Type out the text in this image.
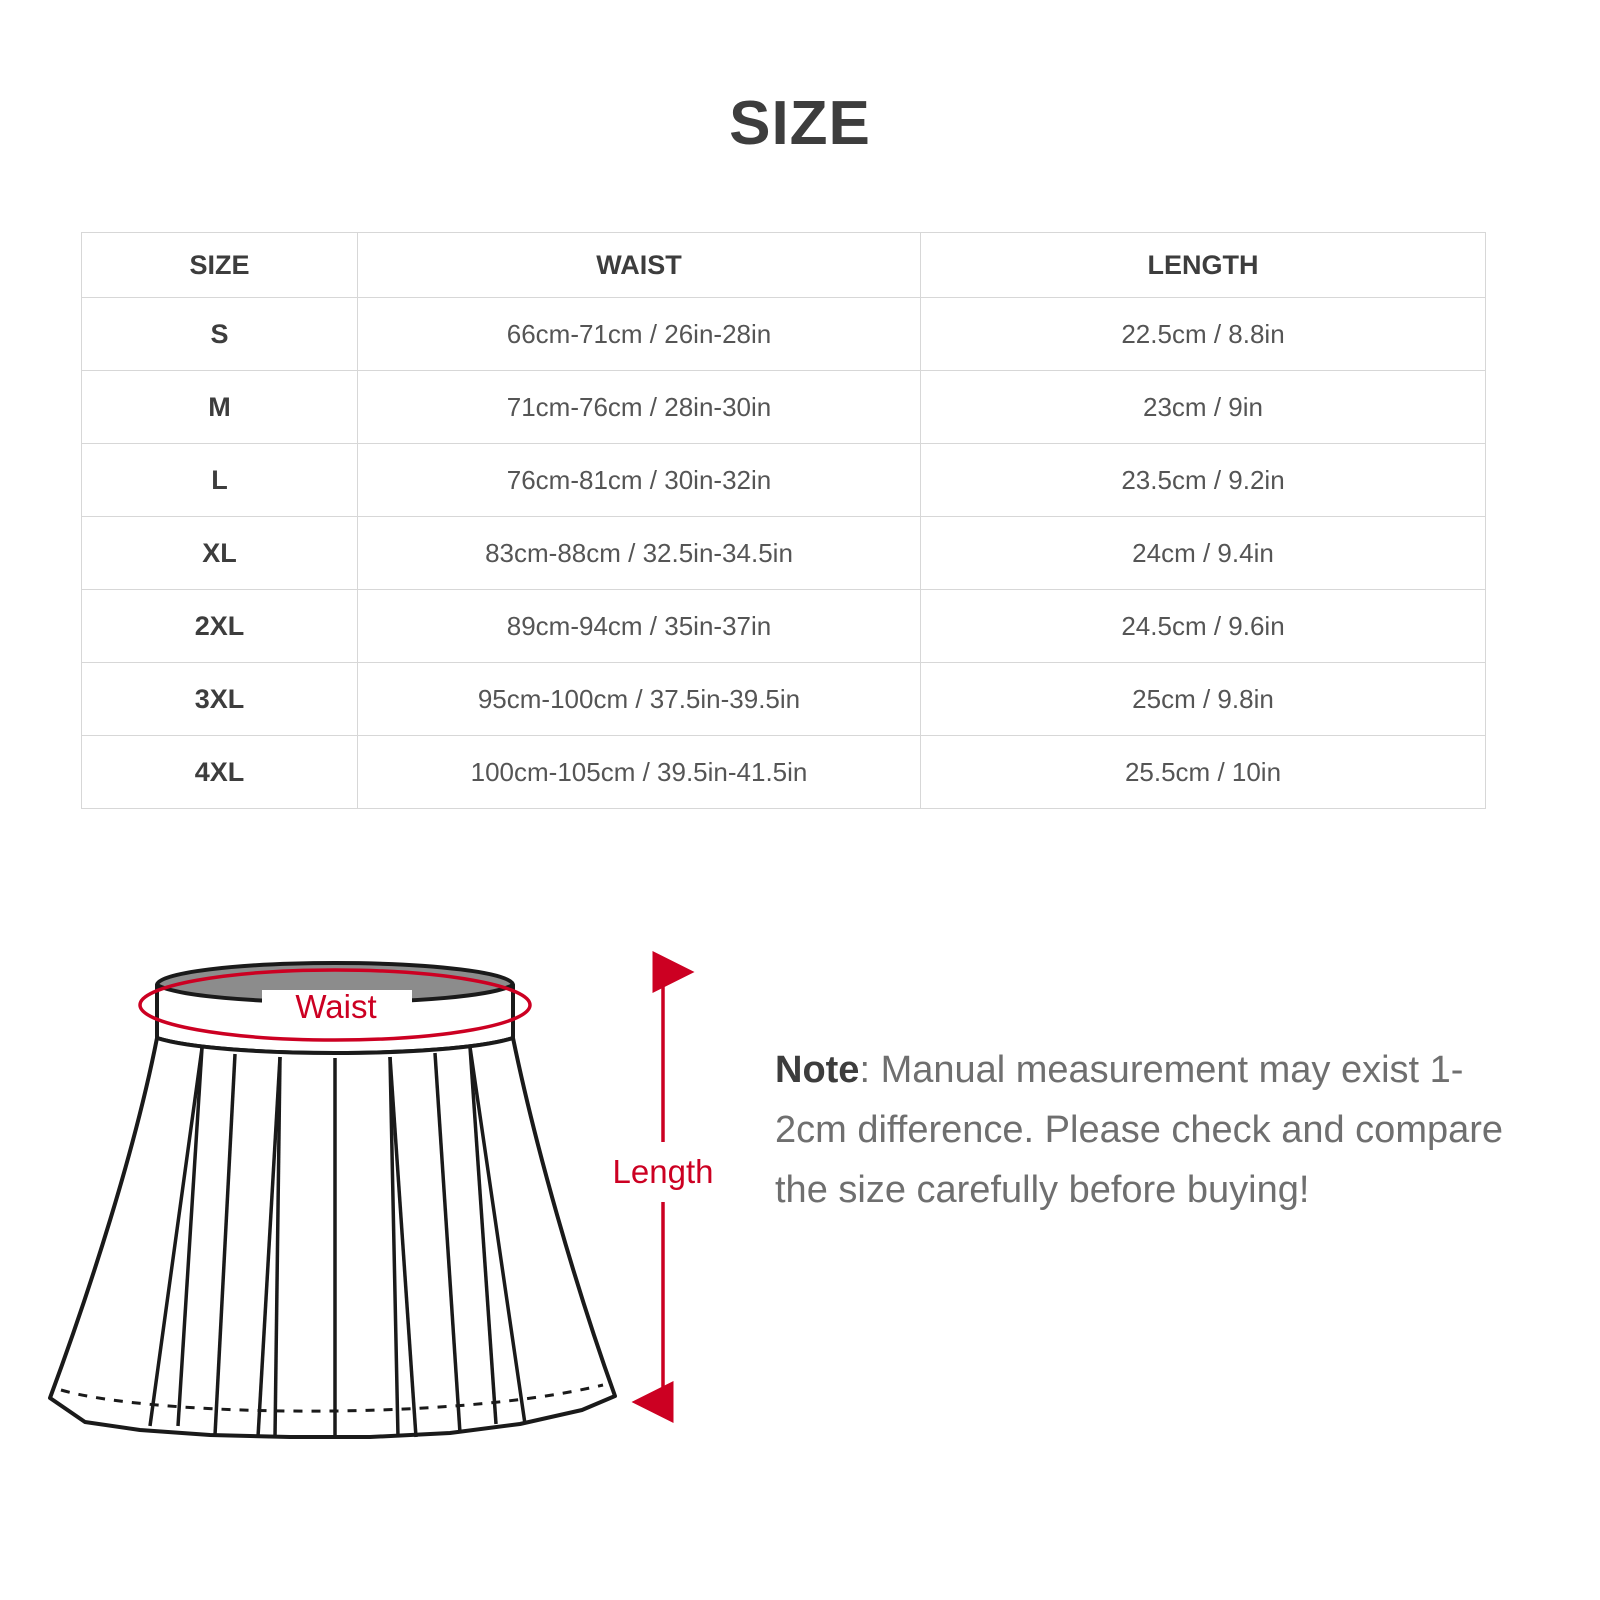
SIZE
SIZE	WAIST	LENGTH
S	66cm-71cm / 26in-28in	22.5cm / 8.8in
M	71cm-76cm / 28in-30in	23cm / 9in
L	76cm-81cm / 30in-32in	23.5cm / 9.2in
XL	83cm-88cm / 32.5in-34.5in	24cm / 9.4in
2XL	89cm-94cm / 35in-37in	24.5cm / 9.6in
3XL	95cm-100cm / 37.5in-39.5in	25cm / 9.8in
4XL	100cm-105cm / 39.5in-41.5in	25.5cm / 10in
Waist
Length
Note: Manual measurement may exist 1-2cm difference. Please check and compare the size carefully before buying!
